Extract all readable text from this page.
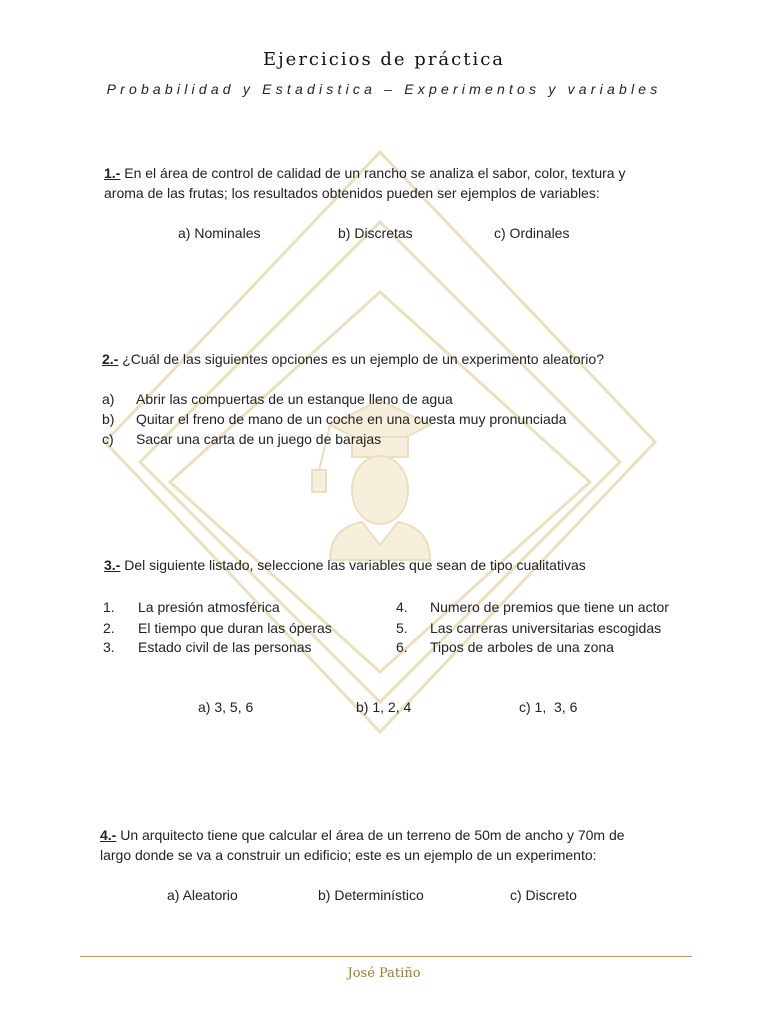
Ejercicios de práctica
Probabilidad y Estadistica – Experimentos y variables
1.- En el área de control de calidad de un rancho se analiza el sabor, color, textura y aroma de las frutas; los resultados obtenidos pueden ser ejemplos de variables:
a) Nominales	b) Discretas	c) Ordinales
2.- ¿Cuál de las siguientes opciones es un ejemplo de un experimento aleatorio?
a) Abrir las compuertas de un estanque lleno de agua
b) Quitar el freno de mano de un coche en una cuesta muy pronunciada
c) Sacar una carta de un juego de barajas
3.- Del siguiente listado, seleccione las variables que sean de tipo cualitativas
1. La presión atmosférica
2. El tiempo que duran las óperas
3. Estado civil de las personas
4. Numero de premios que tiene un actor
5. Las carreras universitarias escogidas
6. Tipos de arboles de una zona
a) 3, 5, 6	b) 1, 2, 4	c) 1,  3, 6
4.- Un arquitecto tiene que calcular el área de un terreno de 50m de ancho y 70m de largo donde se va a construir un edificio; este es un ejemplo de un experimento:
a) Aleatorio	b) Determinístico	c) Discreto
José Patiño
